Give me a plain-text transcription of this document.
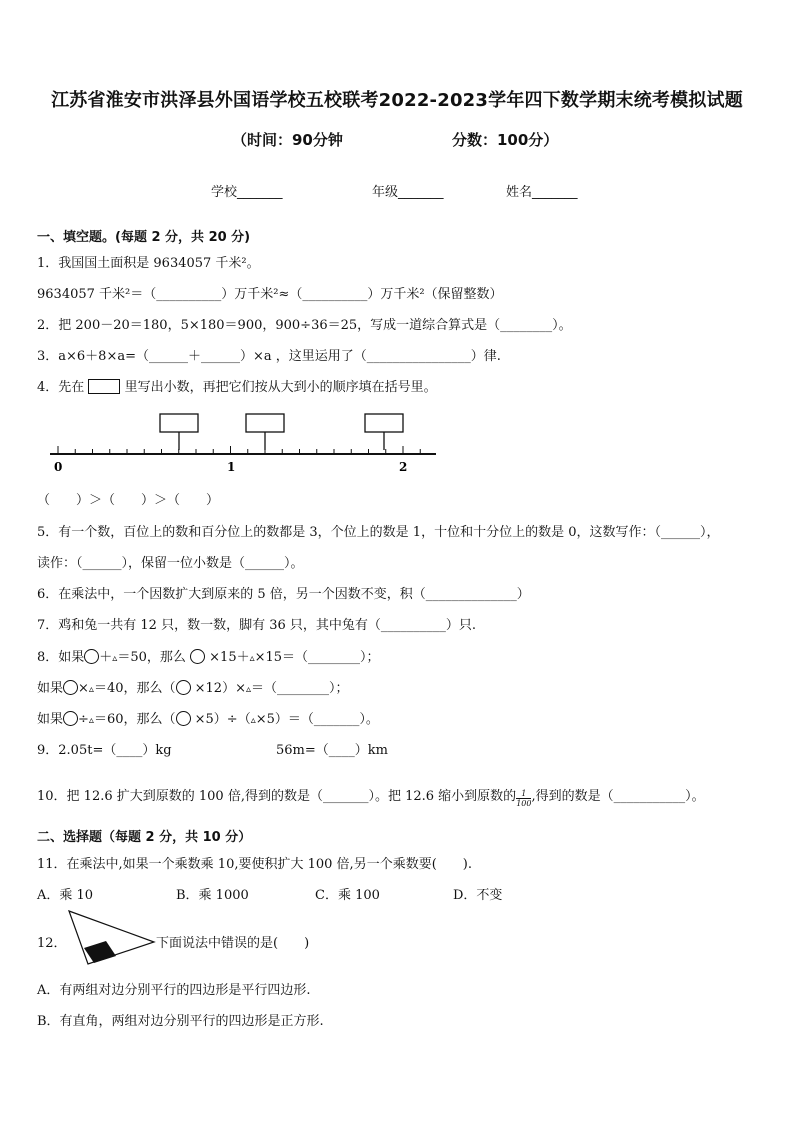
江苏省淮安市洪泽县外国语学校五校联考2022-2023学年四下数学期末统考模拟试题
（时间：90分钟	分数：100分）
学校_______	年级_______	姓名_______
一、填空题。(每题 2 分，共 20 分)
1．我国国土面积是 9634057 千米²。
9634057 千米²＝（__________）万千米²≈（__________）万千米²（保留整数）
2．把 200－20＝180，5×180＝900，900÷36＝25，写成一道综合算式是（________）。
3．a×6＋8×a=（______＋______）×a ，这里运用了（________________）律.
4．先在	里写出小数，再把它们按从大到小的顺序填在括号里。
0	1	2
（　　）＞（　　）＞（　　）
5．有一个数，百位上的数和百分位上的数都是 3，个位上的数是 1，十位和十分位上的数是 0，这数写作：（______），
读作：（______），保留一位小数是（______）。
6．在乘法中，一个因数扩大到原来的 5 倍，另一个因数不变，积（______________）
7．鸡和兔一共有 12 只，数一数，脚有 36 只，其中兔有（__________）只.
8．如果 ＋▵＝50，那么 ×15＋▵×15＝（________）；
如果 ×▵＝40，那么（ ×12）×▵＝（________）；
如果 ÷▵＝60，那么（ ×5）÷（▵×5）＝（_______）。
9．2.05t=（____）kg	56m=（____）km
10．把 12.6 扩大到原数的 100 倍,得到的数是（_______）。把 12.6 缩小到原数的 $\frac{1}{100}$ ,得到的数是（___________）。
二、选择题（每题 2 分，共 10 分）
11．在乘法中,如果一个乘数乘 10,要使积扩大 100 倍,另一个乘数要(　　).
A．乘 10	B．乘 1000	C．乘 100	D．不变
12．	下面说法中错误的是(　　)
A．有两组对边分别平行的四边形是平行四边形.
B．有直角，两组对边分别平行的四边形是正方形.
